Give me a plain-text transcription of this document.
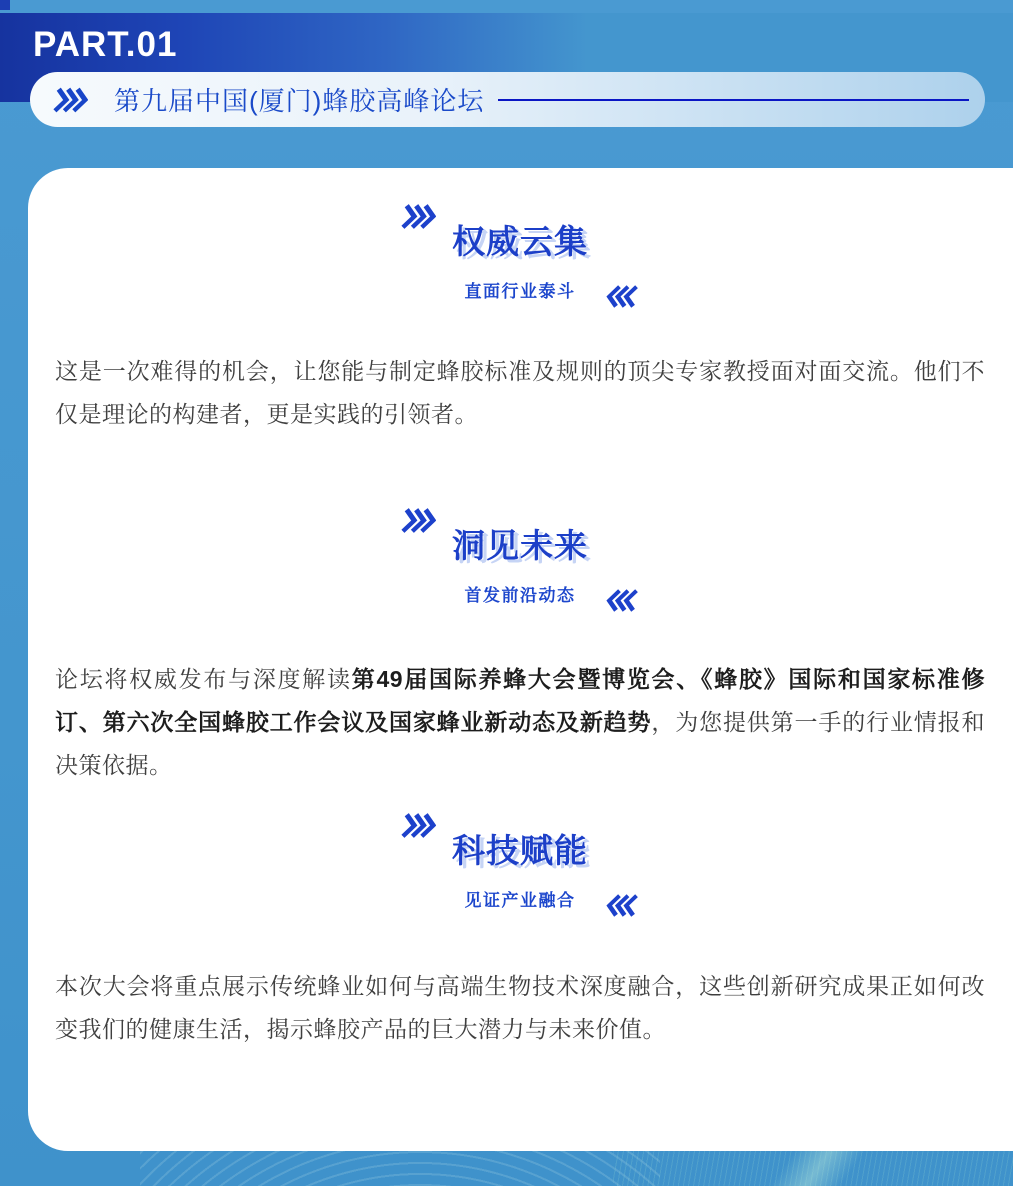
PART.01
第九届中国(厦门)蜂胶高峰论坛
权威云集
直面行业泰斗

这是一次难得的机会，让您能与制定蜂胶标准及规则的顶尖专家教授面对面交流。他们不仅是理论的构建者，更是实践的引领者。

洞见未来
首发前沿动态

论坛将权威发布与深度解读第49届国际养蜂大会暨博览会、《蜂胶》国际和国家标准修订、第六次全国蜂胶工作会议及国家蜂业新动态及新趋势，为您提供第一手的行业情报和决策依据。

科技赋能
见证产业融合

本次大会将重点展示传统蜂业如何与高端生物技术深度融合，这些创新研究成果正如何改变我们的健康生活，揭示蜂胶产品的巨大潜力与未来价值。
